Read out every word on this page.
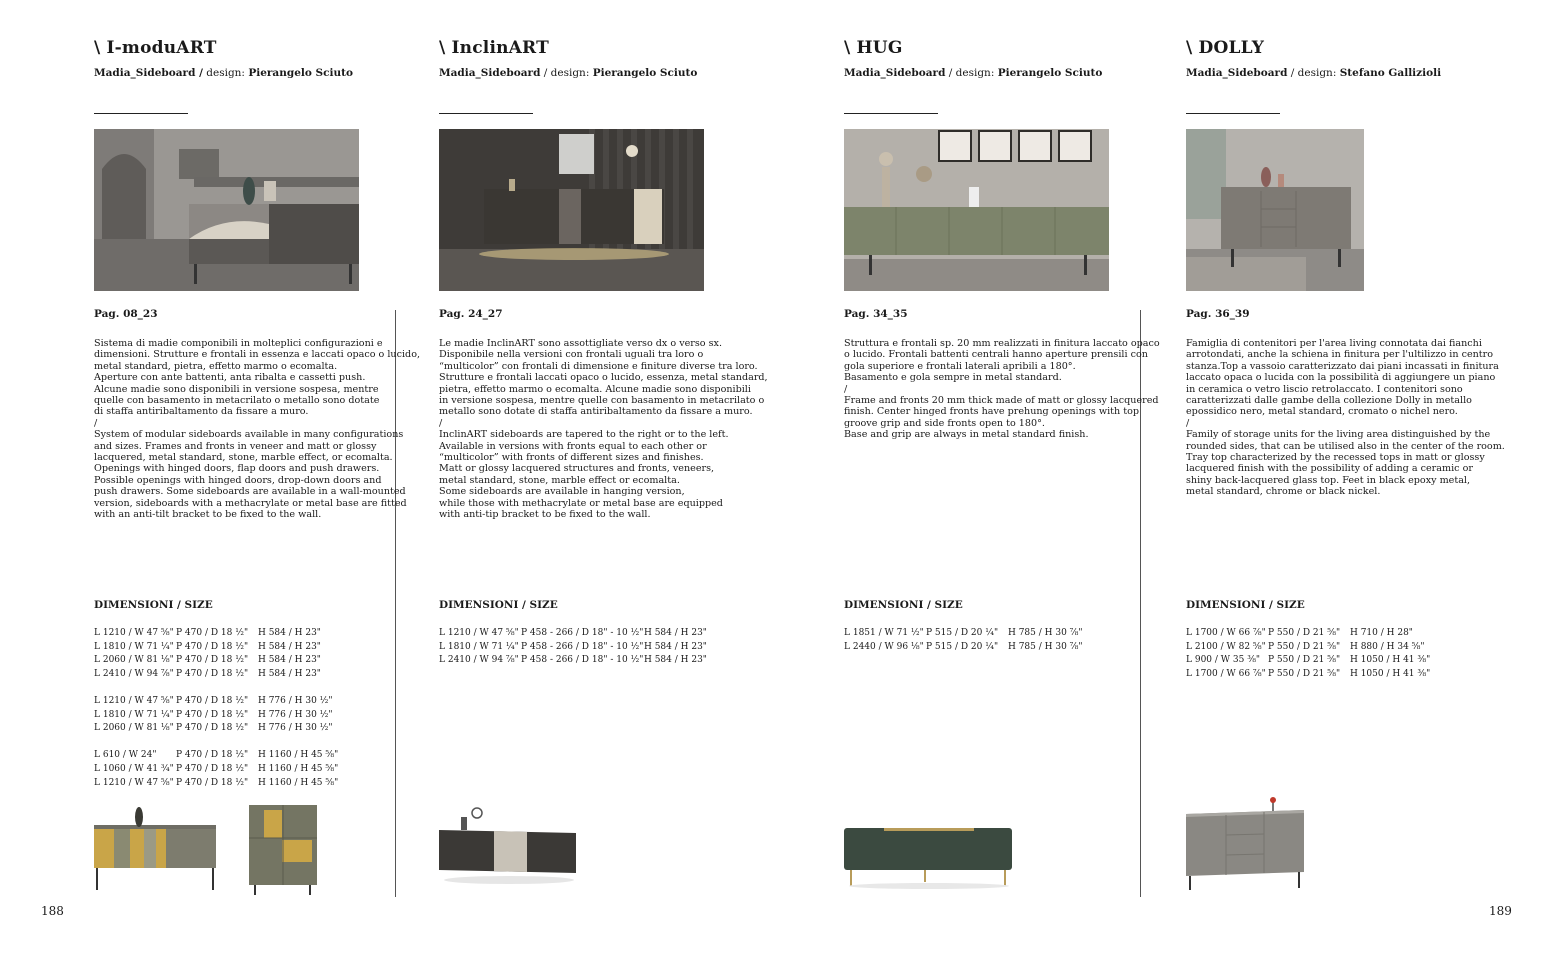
188	189
\ I-moduART
Madia_Sideboard / design: Pierangelo Sciuto
Pag. 08_23
Sistema di madie componibili in molteplici configurazioni e
dimensioni. Strutture e frontali in essenza e laccati opaco o lucido,
metal standard, pietra, effetto marmo o ecomalta.
Aperture con ante battenti, anta ribalta e cassetti push.
Alcune madie sono disponibili in versione sospesa, mentre
quelle con basamento in metacrilato o metallo sono dotate
di staffa antiribaltamento da fissare a muro.
/
System of modular sideboards available in many configurations
and sizes. Frames and fronts in veneer and matt or glossy
lacquered, metal standard, stone, marble effect, or ecomalta.
Openings with hinged doors, flap doors and push drawers.
Possible openings with hinged doors, drop-down doors and
push drawers. Some sideboards are available in a wall-mounted
version, sideboards with a methacrylate or metal base are fitted
with an anti-tilt bracket to be fixed to the wall.
DIMENSIONI / SIZE
L 1210 / W 47 ⅝" P 470 / D 18 ½"	H 584 / H 23"
L 1810 / W 71 ¼" P 470 / D 18 ½"	H 584 / H 23"
L 2060 / W 81 ⅛" P 470 / D 18 ½"	H 584 / H 23"
L 2410 / W 94 ⅞" P 470 / D 18 ½"	H 584 / H 23"
L 1210 / W 47 ⅝" P 470 / D 18 ½"	H 776 / H 30 ½"
L 1810 / W 71 ¼" P 470 / D 18 ½"	H 776 / H 30 ½"
L 2060 / W 81 ⅛" P 470 / D 18 ½"	H 776 / H 30 ½"
L 610 / W 24"	P 470 / D 18 ½"	H 1160 / H 45 ⅝"
L 1060 / W 41 ¾" P 470 / D 18 ½"	H 1160 / H 45 ⅝"
L 1210 / W 47 ⅝" P 470 / D 18 ½"	H 1160 / H 45 ⅝"
\ InclinART
Madia_Sideboard / design: Pierangelo Sciuto
Pag. 24_27
Le madie InclinART sono assottigliate verso dx o verso sx.
Disponibile nella versioni con frontali uguali tra loro o
“multicolor” con frontali di dimensione e finiture diverse tra loro.
Strutture e frontali laccati opaco o lucido, essenza, metal standard,
pietra, effetto marmo o ecomalta. Alcune madie sono disponibili
in versione sospesa, mentre quelle con basamento in metacrilato o
metallo sono dotate di staffa antiribaltamento da fissare a muro.
/
InclinART sideboards are tapered to the right or to the left.
Available in versions with fronts equal to each other or
“multicolor” with fronts of different sizes and finishes.
Matt or glossy lacquered structures and fronts, veneers,
metal standard, stone, marble effect or ecomalta.
Some sideboards are available in hanging version,
while those with methacrylate or metal base are equipped
with anti-tip bracket to be fixed to the wall.
DIMENSIONI / SIZE
L 1210 / W 47 ⅝" P 458 - 266 / D 18" - 10 ½" H 584 / H 23"
L 1810 / W 71 ¼" P 458 - 266 / D 18" - 10 ½" H 584 / H 23"
L 2410 / W 94 ⅞" P 458 - 266 / D 18" - 10 ½" H 584 / H 23"
\ HUG
Madia_Sideboard / design: Pierangelo Sciuto
Pag. 34_35
Struttura e frontali sp. 20 mm realizzati in finitura laccato opaco
o lucido. Frontali battenti centrali hanno aperture prensili con
gola superiore e frontali laterali apribili a 180°.
Basamento e gola sempre in metal standard.
/
Frame and fronts 20 mm thick made of matt or glossy lacquered
finish. Center hinged fronts have prehung openings with top
groove grip and side fronts open to 180°.
Base and grip are always in metal standard finish.
DIMENSIONI / SIZE
L 1851 / W 71 ½" P 515 / D 20 ¼"	H 785 / H 30 ⅞"
L 2440 / W 96 ⅛" P 515 / D 20 ¼"	H 785 / H 30 ⅞"
\ DOLLY
Madia_Sideboard / design: Stefano Gallizioli
Pag. 36_39
Famiglia di contenitori per l'area living connotata dai fianchi
arrotondati, anche la schiena in finitura per l'ultilizzo in centro
stanza.Top a vassoio caratterizzato dai piani incassati in finitura
laccato opaca o lucida con la possibilità di aggiungere un piano
in ceramica o vetro liscio retrolaccato. I contenitori sono
caratterizzati dalle gambe della collezione Dolly in metallo
epossidico nero, metal standard, cromato o nichel nero.
/
Family of storage units for the living area distinguished by the
rounded sides, that can be utilised also in the center of the room.
Tray top characterized by the recessed tops in matt or glossy
lacquered finish with the possibility of adding a ceramic or
shiny back-lacquered glass top. Feet in black epoxy metal,
metal standard, chrome or black nickel.
DIMENSIONI / SIZE
L 1700 / W 66 ⅞" P 550 / D 21 ⅝"	H 710 / H 28"
L 2100 / W 82 ⅝" P 550 / D 21 ⅝"	H 880 / H 34 ⅝"
L 900 / W 35 ⅜" P 550 / D 21 ⅝"	H 1050 / H 41 ⅜"
L 1700 / W 66 ⅞" P 550 / D 21 ⅝"	H 1050 / H 41 ⅜"
